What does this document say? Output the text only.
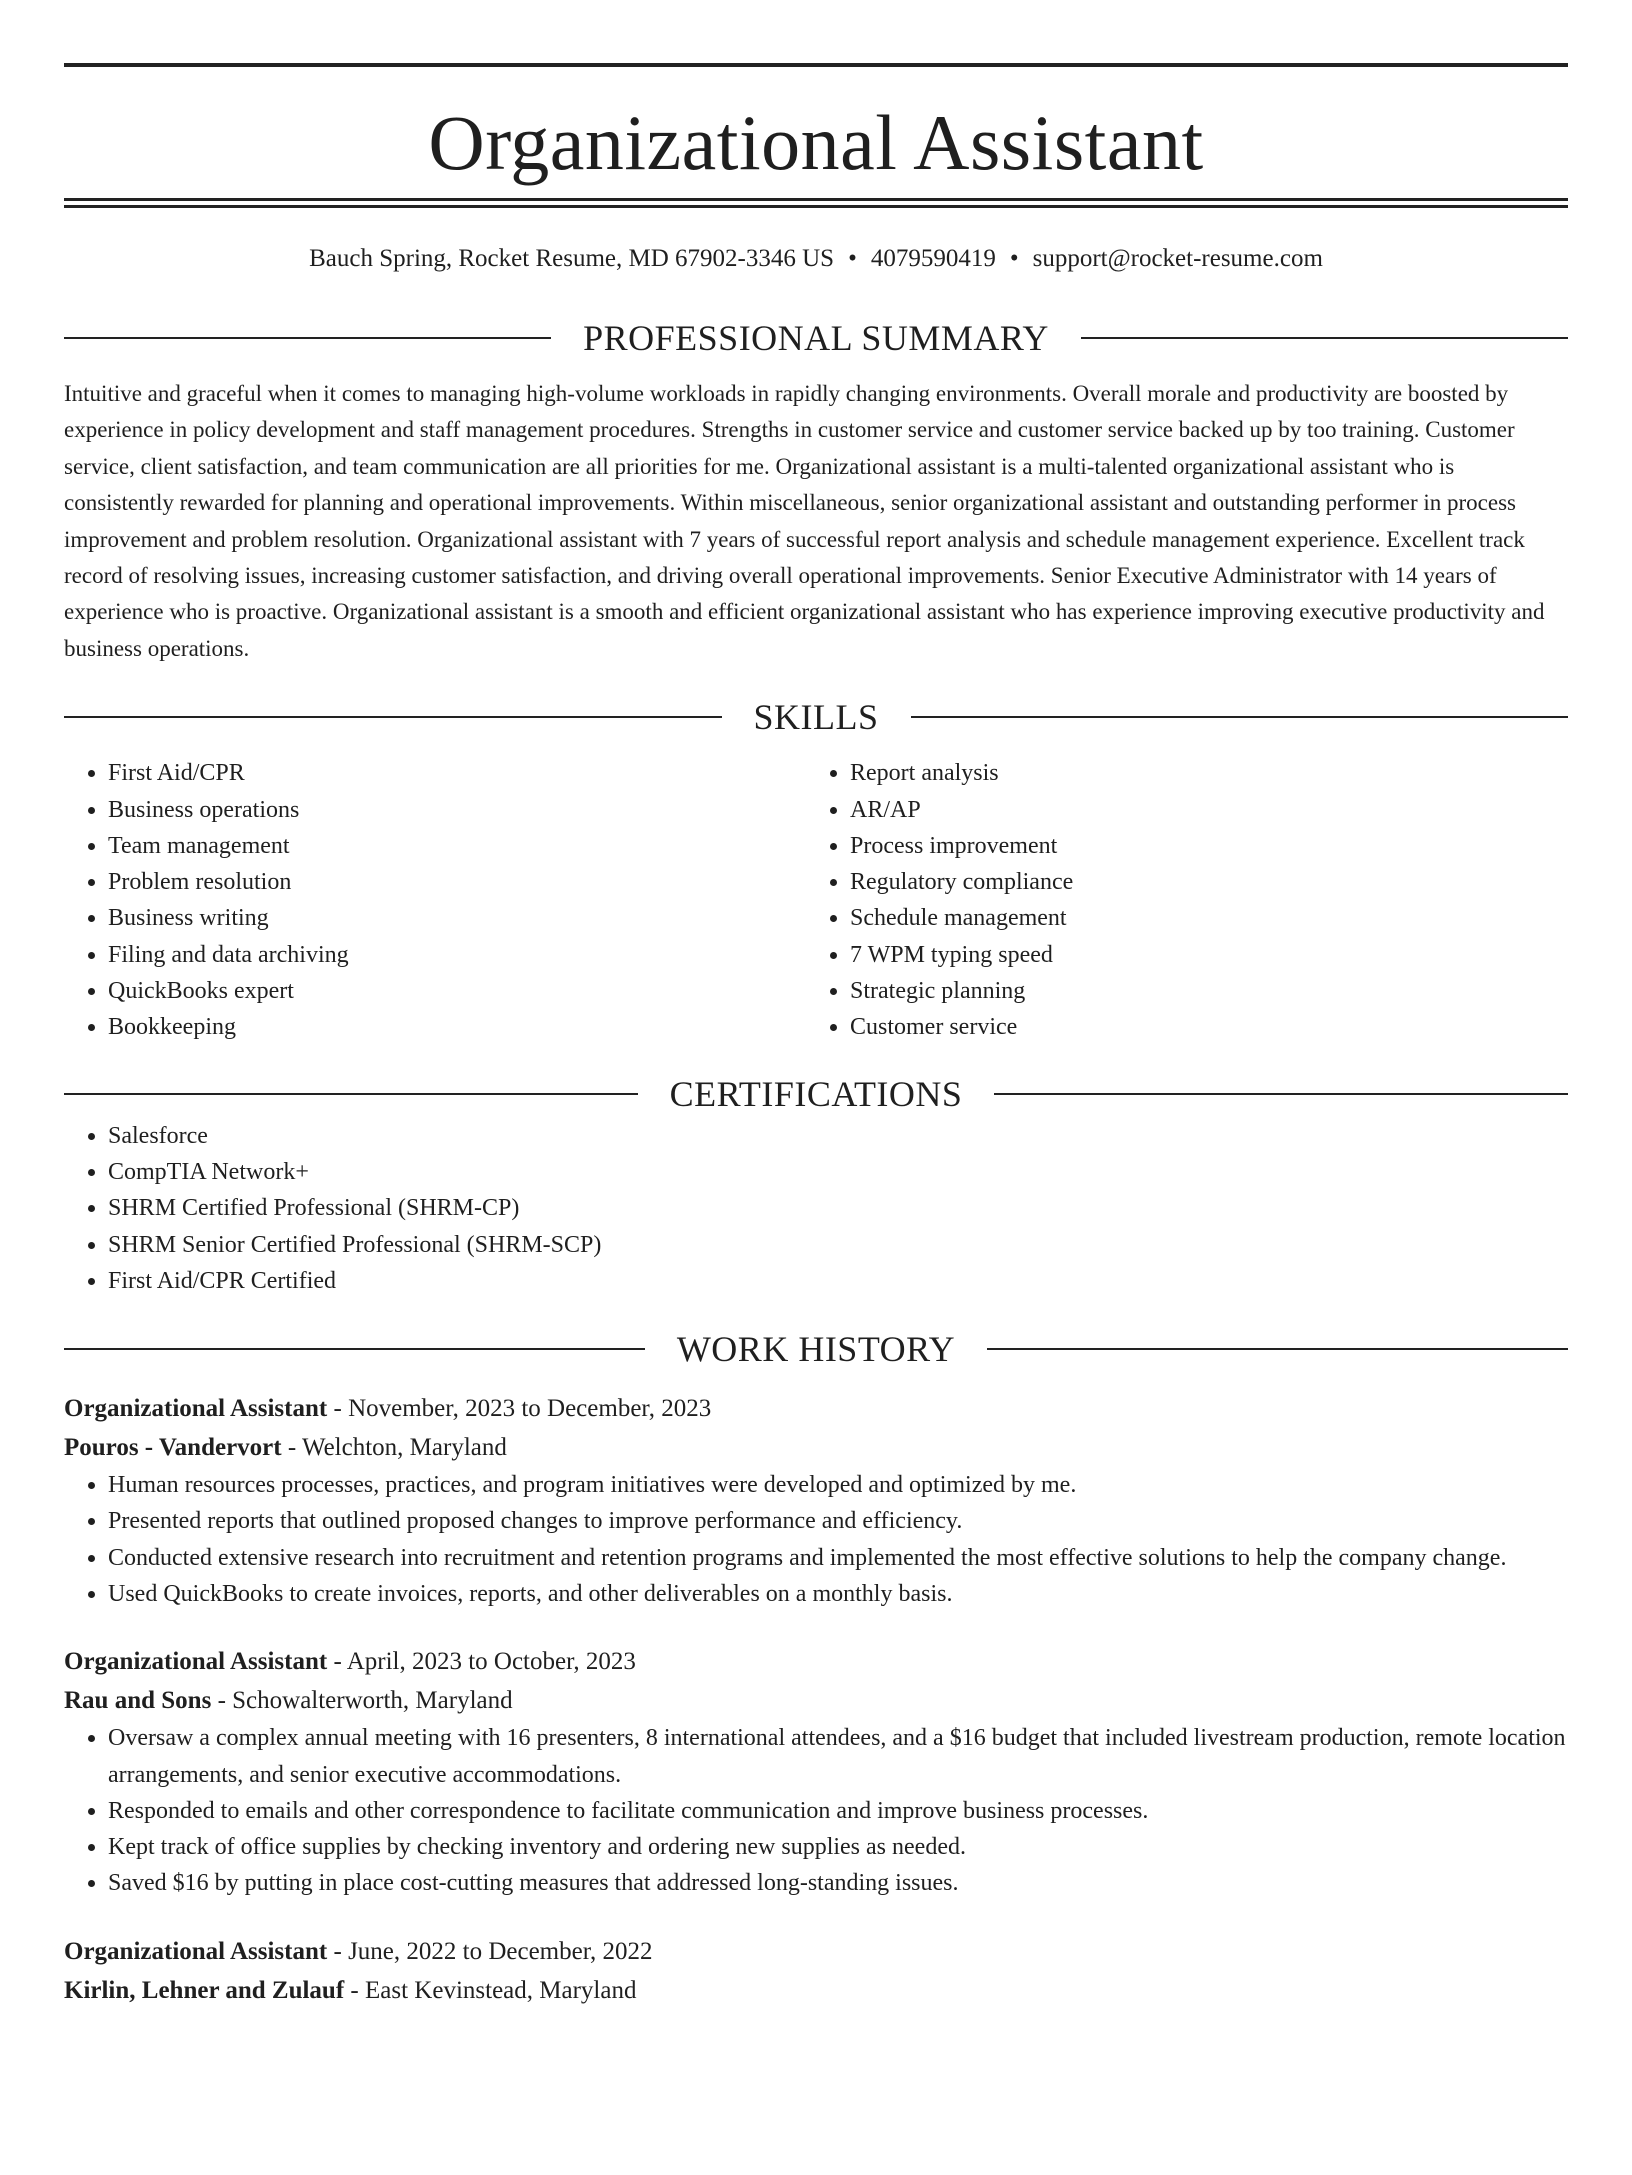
Organizational Assistant
Bauch Spring, Rocket Resume, MD 67902-3346 US • 4079590419 • support@rocket-resume.com
PROFESSIONAL SUMMARY

Intuitive and graceful when it comes to managing high-volume workloads in rapidly changing environments. Overall morale and productivity are boosted by experience in policy development and staff management procedures. Strengths in customer service and customer service backed up by too training. Customer service, client satisfaction, and team communication are all priorities for me. Organizational assistant is a multi-talented organizational assistant who is consistently rewarded for planning and operational improvements. Within miscellaneous, senior organizational assistant and outstanding performer in process improvement and problem resolution. Organizational assistant with 7 years of successful report analysis and schedule management experience. Excellent track record of resolving issues, increasing customer satisfaction, and driving overall operational improvements. Senior Executive Administrator with 14 years of experience who is proactive. Organizational assistant is a smooth and efficient organizational assistant who has experience improving executive productivity and business operations.

SKILLS
• First Aid/CPR
• Business operations
• Team management
• Problem resolution
• Business writing
• Filing and data archiving
• QuickBooks expert
• Bookkeeping
• Report analysis
• AR/AP
• Process improvement
• Regulatory compliance
• Schedule management
• 7 WPM typing speed
• Strategic planning
• Customer service
CERTIFICATIONS
• Salesforce
• CompTIA Network+
• SHRM Certified Professional (SHRM-CP)
• SHRM Senior Certified Professional (SHRM-SCP)
• First Aid/CPR Certified
WORK HISTORY
Organizational Assistant - November, 2023 to December, 2023
Pouros - Vandervort - Welchton, Maryland
• Human resources processes, practices, and program initiatives were developed and optimized by me.
• Presented reports that outlined proposed changes to improve performance and efficiency.
• Conducted extensive research into recruitment and retention programs and implemented the most effective solutions to help the company change.
• Used QuickBooks to create invoices, reports, and other deliverables on a monthly basis.
Organizational Assistant - April, 2023 to October, 2023
Rau and Sons - Schowalterworth, Maryland
• Oversaw a complex annual meeting with 16 presenters, 8 international attendees, and a $16 budget that included livestream production, remote location arrangements, and senior executive accommodations.
• Responded to emails and other correspondence to facilitate communication and improve business processes.
• Kept track of office supplies by checking inventory and ordering new supplies as needed.
• Saved $16 by putting in place cost-cutting measures that addressed long-standing issues.
Organizational Assistant - June, 2022 to December, 2022
Kirlin, Lehner and Zulauf - East Kevinstead, Maryland
